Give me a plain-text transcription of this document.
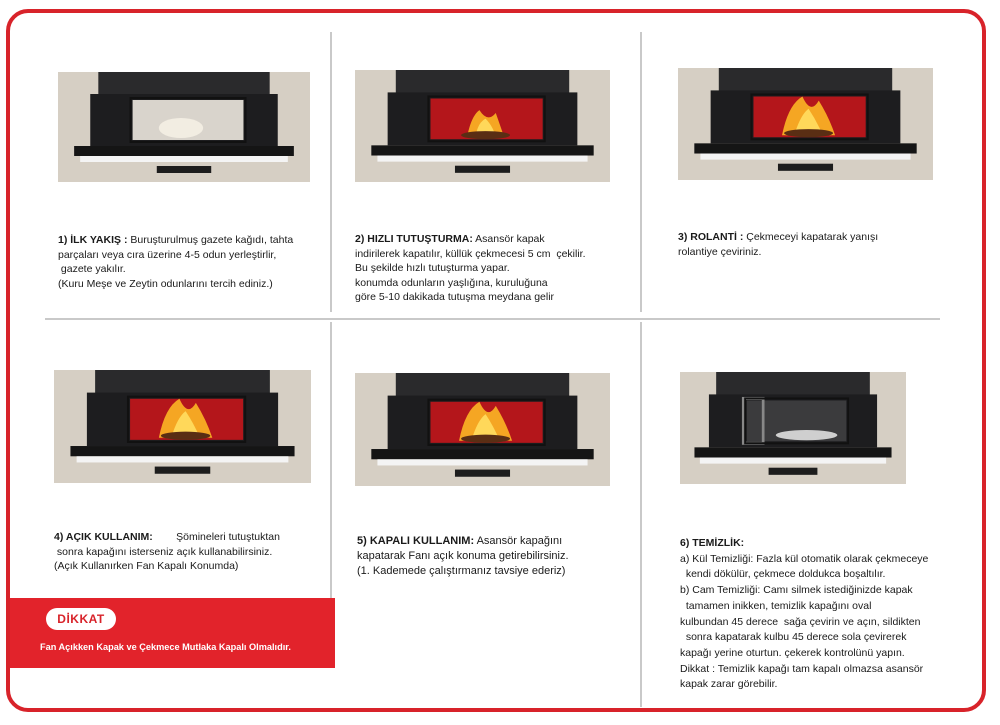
1) İLK YAKIŞ : Buruşturulmuş gazete kağıdı, tahta

parçaları veya cıra üzerine 4-5 odun yerleştirlir,

gazete yakılır.

(Kuru Meşe ve Zeytin odunlarını tercih ediniz.)

2) HIZLI TUTUŞTURMA: Asansör kapak

indirilerek kapatılır, küllük çekmecesi 5 cm  çekilir.

Bu şekilde hızlı tutuşturma yapar.

konumda odunların yaşlığına, kuruluğuna

göre 5-10 dakikada tutuşma meydana gelir

3) ROLANTİ : Çekmeceyi kapatarak yanışı

rolantiye çeviriniz.

4) AÇIK KULLANIM:        Şömineleri tutuştuktan

sonra kapağını isterseniz açık kullanabilirsiniz.

(Açık Kullanırken Fan Kapalı Konumda)

5) KAPALI KULLANIM: Asansör kapağını

kapatarak Fanı açık konuma getirebilirsiniz.

(1. Kademede çalıştırmanız tavsiye ederiz)

6) TEMİZLİK:

a) Kül Temizliği: Fazla kül otomatik olarak çekmeceye

kendi dökülür, çekmece doldukca boşaltılır.

b) Cam Temizliği: Camı silmek istediğinizde kapak

tamamen inikken, temizlik kapağını oval

kulbundan 45 derece  sağa çevirin ve açın, sildikten

sonra kapatarak kulbu 45 derece sola çevirerek

kapağı yerine oturtun. çekerek kontrolünü yapın.

Dikkat : Temizlik kapağı tam kapalı olmazsa asansör

kapak zarar görebilir.

DİKKAT
Fan Açıkken Kapak ve Çekmece Mutlaka Kapalı Olmalıdır.
